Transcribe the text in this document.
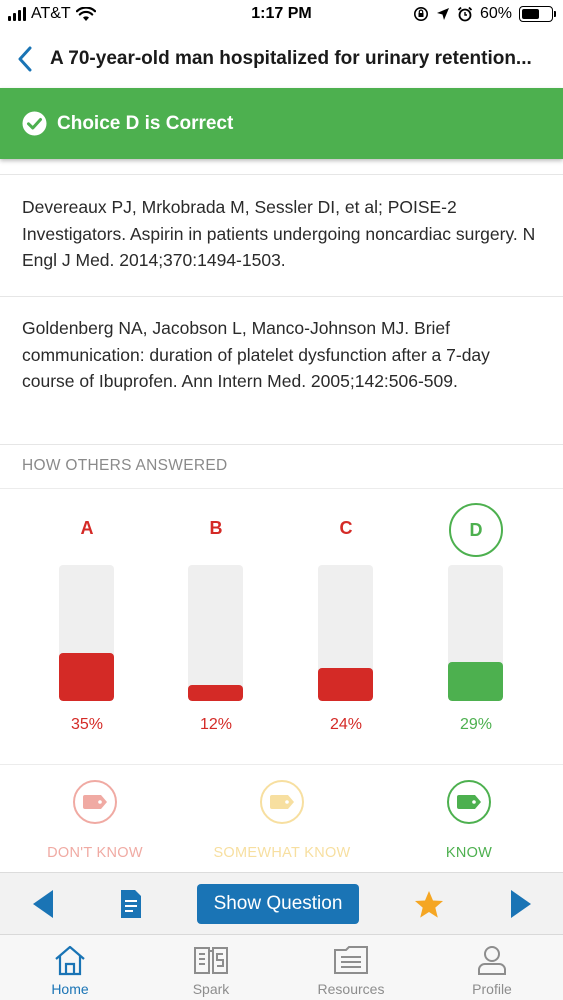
AT&T	1:17 PM	60%
A 70-year-old man hospitalized for urinary retention...
Choice D is Correct
Devereaux PJ, Mrkobrada M, Sessler DI, et al; POISE-2 Investigators. Aspirin in patients undergoing noncardiac surgery. N Engl J Med. 2014;370:1494-1503.
Goldenberg NA, Jacobson L, Manco-Johnson MJ. Brief communication: duration of platelet dysfunction after a 7-day course of Ibuprofen. Ann Intern Med. 2005;142:506-509.
HOW OTHERS ANSWERED
A
35%
B
12%
C
24%
D
29%
DON'T KNOW	SOMEWHAT KNOW	KNOW
Show Question
Home	Spark	Resources	Profile
